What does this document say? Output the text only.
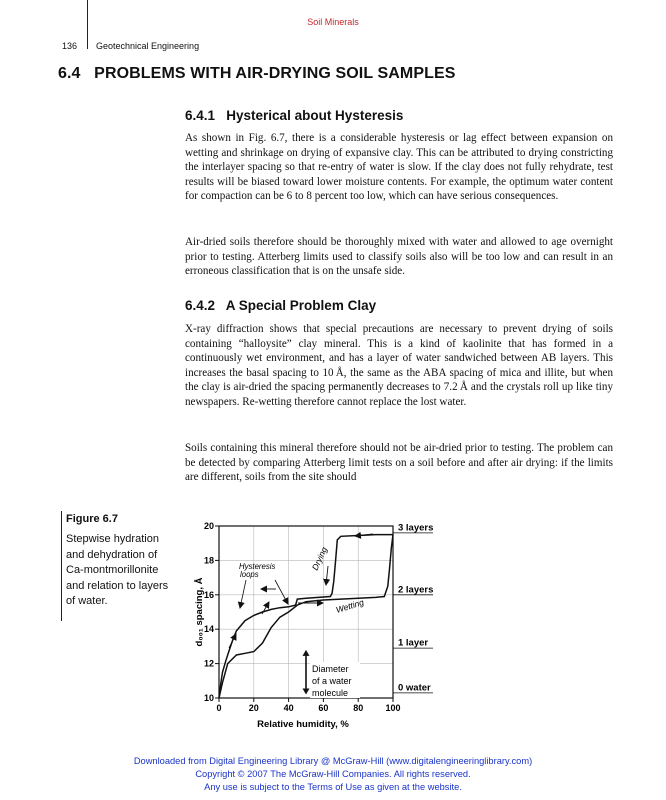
Soil Minerals
136 Geotechnical Engineering
6.4   PROBLEMS WITH AIR-DRYING SOIL SAMPLES
6.4.1   Hysterical about Hysteresis
As shown in Fig. 6.7, there is a considerable hysteresis or lag effect between expansion on wetting and shrinkage on drying of expansive clay. This can be attributed to drying constricting the interlayer spacing so that re-entry of water is slow. If the clay does not fully rehydrate, test results will be biased toward lower moisture contents. For example, the optimum water content for compaction can be 6 to 8 percent too low, which can have serious consequences.
Air-dried soils therefore should be thoroughly mixed with water and allowed to age overnight prior to testing. Atterberg limits used to classify soils also will be too low and can result in an erroneous classification that is on the unsafe side.
6.4.2   A Special Problem Clay
X-ray diffraction shows that special precautions are necessary to prevent drying of soils containing “halloysite” clay mineral. This is a kind of kaolinite that has formed in a continuously wet environment, and has a layer of water sandwiched between AB layers. This increases the basal spacing to 10 Å, the same as the ABA spacing of mica and illite, but when the clay is air-dried the spacing permanently decreases to 7.2 Å and the crystals roll up like tiny newspapers. Re-wetting therefore cannot replace the lost water.
Soils containing this mineral therefore should not be air-dried prior to testing. The problem can be detected by comparing Atterberg limit tests on a soil before and after air drying: if the limits are different, soils from the site should
Figure 6.7
Stepwise hydration and dehydration of Ca-montmorillonite and relation to layers of water.
Hysteresis
loops
Drying
Wetting
Diameter
of a water
molecule
0	20	40	60	80 100
10
12
14
16
18
20	3 layers
2 layers
1 layer
0 water
Relative humidity, %
d₀₀₁ spacing, Å
Downloaded from Digital Engineering Library @ McGraw-Hill (www.digitalengineeringlibrary.com)
Copyright © 2007 The McGraw-Hill Companies. All rights reserved.
Any use is subject to the Terms of Use as given at the website.
